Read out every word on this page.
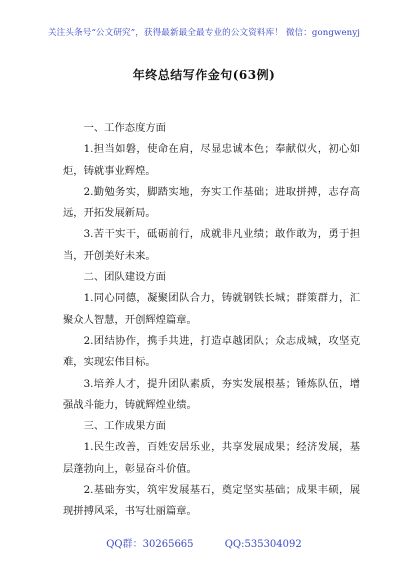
关注头条号“公文研究”，获得最新最全最专业的公文资料库！ 微信：gongwenyj
年终总结写作金句(63例)

一、工作态度方面

1.担当如磐，使命在肩，尽显忠诚本色；奉献似火，初心如炬，铸就事业辉煌。

2.勤勉务实，脚踏实地，夯实工作基础；进取拼搏，志存高远，开拓发展新局。

3.苦干实干，砥砺前行，成就非凡业绩；敢作敢为，勇于担当，开创美好未来。

二、团队建设方面

1.同心同德，凝聚团队合力，铸就钢铁长城；群策群力，汇聚众人智慧，开创辉煌篇章。

2.团结协作，携手共进，打造卓越团队；众志成城，攻坚克难，实现宏伟目标。

3.培养人才，提升团队素质，夯实发展根基；锤炼队伍，增强战斗能力，铸就辉煌业绩。

三、工作成果方面

1.民生改善，百姓安居乐业，共享发展成果；经济发展，基层蓬勃向上，彰显奋斗价值。

2.基础夯实，筑牢发展基石，奠定坚实基础；成果丰硕，展现拼搏风采，书写壮丽篇章。

QQ群：30265665	QQ:535304092
